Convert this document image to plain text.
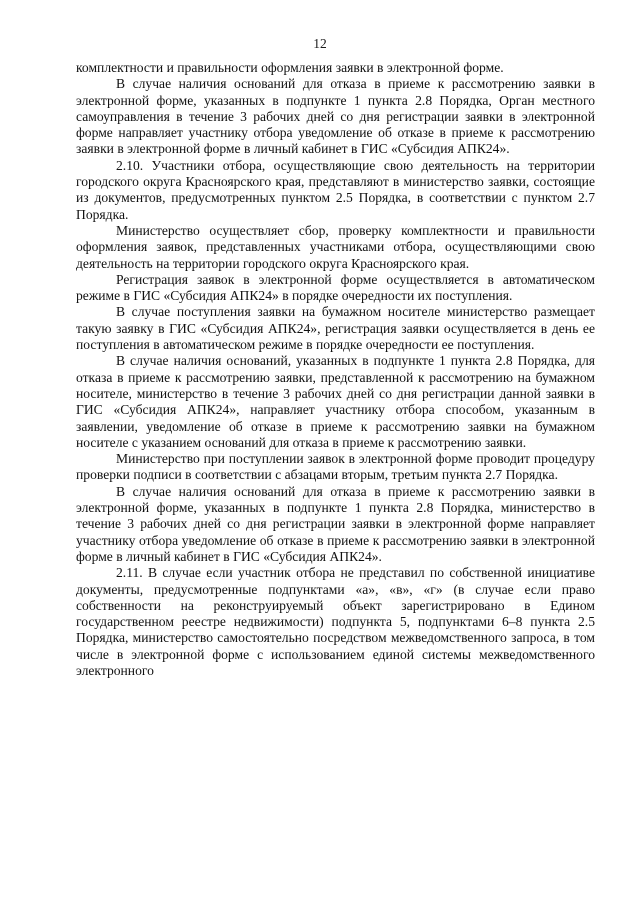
12

комплектности и правильности оформления заявки в электронной форме.

В случае наличия оснований для отказа в приеме к рассмотрению заявки в электронной форме, указанных в подпункте 1 пункта 2.8 Порядка, Орган местного самоуправления в течение 3 рабочих дней со дня регистрации заявки в электронной форме направляет участнику отбора уведомление об отказе в приеме к рассмотрению заявки в электронной форме в личный кабинет в ГИС «Субсидия АПК24».

2.10. Участники отбора, осуществляющие свою деятельность на территории городского округа Красноярского края, представляют в министерство заявки, состоящие из документов, предусмотренных пунктом 2.5 Порядка, в соответствии с пунктом 2.7 Порядка.

Министерство осуществляет сбор, проверку комплектности и правильности оформления заявок, представленных участниками отбора, осуществляющими свою деятельность на территории городского округа Красноярского края.

Регистрация заявок в электронной форме осуществляется в автоматическом режиме в ГИС «Субсидия АПК24» в порядке очередности их поступления.

В случае поступления заявки на бумажном носителе министерство размещает такую заявку в ГИС «Субсидия АПК24», регистрация заявки осуществляется в день ее поступления в автоматическом режиме в порядке очередности ее поступления.

В случае наличия оснований, указанных в подпункте 1 пункта 2.8 Порядка, для отказа в приеме к рассмотрению заявки, представленной к рассмотрению на бумажном носителе, министерство в течение 3 рабочих дней со дня регистрации данной заявки в ГИС «Субсидия АПК24», направляет участнику отбора способом, указанным в заявлении, уведомление об отказе в приеме к рассмотрению заявки на бумажном носителе с указанием оснований для отказа в приеме к рассмотрению заявки.

Министерство при поступлении заявок в электронной форме проводит процедуру проверки подписи в соответствии с абзацами вторым, третьим пункта 2.7 Порядка.

В случае наличия оснований для отказа в приеме к рассмотрению заявки в электронной форме, указанных в подпункте 1 пункта 2.8 Порядка, министерство в течение 3 рабочих дней со дня регистрации заявки в электронной форме направляет участнику отбора уведомление об отказе в приеме к рассмотрению заявки в электронной форме в личный кабинет в ГИС «Субсидия АПК24».

2.11. В случае если участник отбора не представил по собственной инициативе документы, предусмотренные подпунктами «а», «в», «г» (в случае если право собственности на реконструируемый объект зарегистрировано в Едином государственном реестре недвижимости) подпункта 5, подпунктами 6–8 пункта 2.5 Порядка, министерство самостоятельно посредством межведомственного запроса, в том числе в электронной форме с использованием единой системы межведомственного электронного
